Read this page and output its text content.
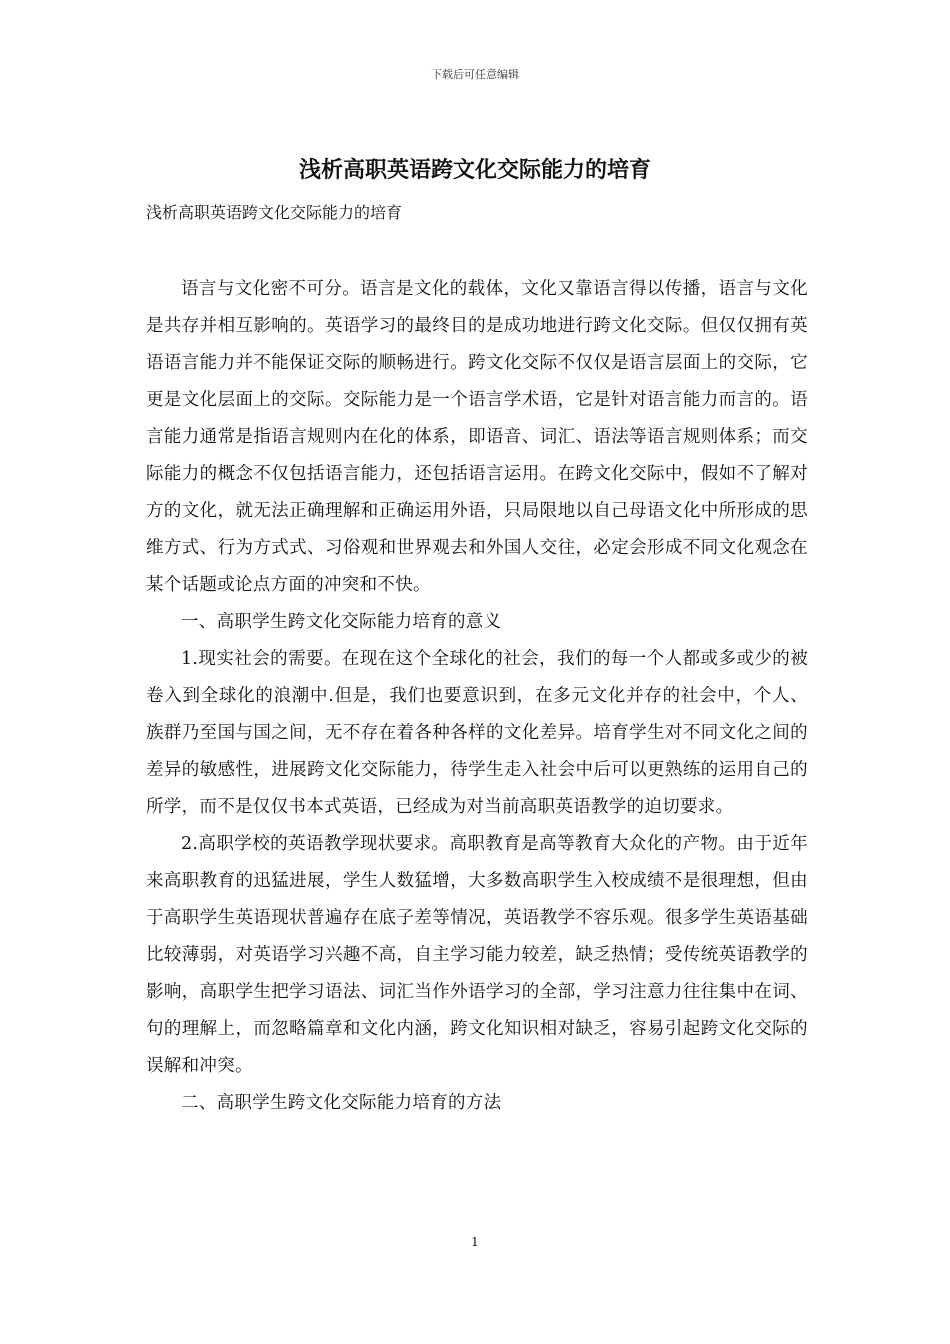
下载后可任意编辑
浅析高职英语跨文化交际能力的培育
浅析高职英语跨文化交际能力的培育

语言与文化密不可分。语言是文化的载体，文化又靠语言得以传播，语言与文化是共存并相互影响的。英语学习的最终目的是成功地进行跨文化交际。但仅仅拥有英语语言能力并不能保证交际的顺畅进行。跨文化交际不仅仅是语言层面上的交际，它更是文化层面上的交际。交际能力是一个语言学术语，它是针对语言能力而言的。语言能力通常是指语言规则内在化的体系，即语音、词汇、语法等语言规则体系；而交际能力的概念不仅包括语言能力，还包括语言运用。在跨文化交际中，假如不了解对方的文化，就无法正确理解和正确运用外语，只局限地以自己母语文化中所形成的思维方式、行为方式式、习俗观和世界观去和外国人交往，必定会形成不同文化观念在某个话题或论点方面的冲突和不快。

一、高职学生跨文化交际能力培育的意义

1.现实社会的需要。在现在这个全球化的社会，我们的每一个人都或多或少的被卷入到全球化的浪潮中.但是，我们也要意识到，在多元文化并存的社会中，个人、族群乃至国与国之间，无不存在着各种各样的文化差异。培育学生对不同文化之间的差异的敏感性，进展跨文化交际能力，待学生走入社会中后可以更熟练的运用自己的所学，而不是仅仅书本式英语，已经成为对当前高职英语教学的迫切要求。

2.高职学校的英语教学现状要求。高职教育是高等教育大众化的产物。由于近年来高职教育的迅猛进展，学生人数猛增，大多数高职学生入校成绩不是很理想，但由于高职学生英语现状普遍存在底子差等情况，英语教学不容乐观。很多学生英语基础比较薄弱，对英语学习兴趣不高，自主学习能力较差，缺乏热情；受传统英语教学的影响，高职学生把学习语法、词汇当作外语学习的全部，学习注意力往往集中在词、句的理解上，而忽略篇章和文化内涵，跨文化知识相对缺乏，容易引起跨文化交际的误解和冲突。

二、高职学生跨文化交际能力培育的方法

1
